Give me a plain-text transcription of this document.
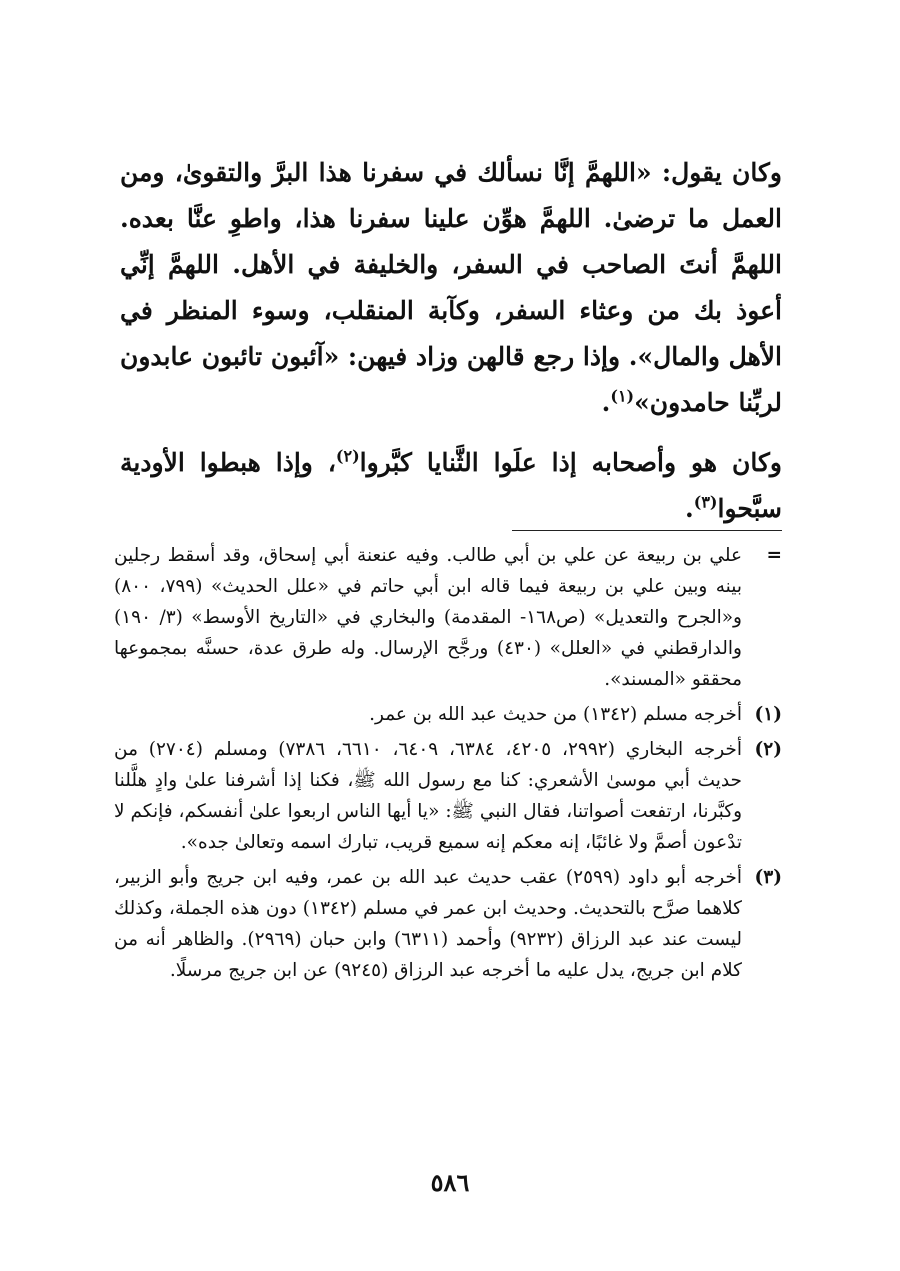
وكان يقول: «اللهمَّ إنَّا نسألك في سفرنا هذا البرَّ والتقوىٰ، ومن العمل ما ترضىٰ. اللهمَّ هوِّن علينا سفرنا هذا، واطوِ عنَّا بعده. اللهمَّ أنتَ الصاحب في السفر، والخليفة في الأهل. اللهمَّ إنِّي أعوذ بك من وعثاء السفر، وكآبة المنقلب، وسوء المنظر في الأهل والمال». وإذا رجع قالهن وزاد فيهن: «آئبون تائبون عابدون لربِّنا حامدون»$^{(١)}$.

وكان هو وأصحابه إذا علَوا الثَّنايا كبَّروا$^{(٢)}$، وإذا هبطوا الأودية سبَّحوا$^{(٣)}$.

=
علي بن ربيعة عن علي بن أبي طالب. وفيه عنعنة أبي إسحاق، وقد أسقط رجلين بينه وبين علي بن ربيعة فيما قاله ابن أبي حاتم في «علل الحديث» (٧٩٩، ٨٠٠) و«الجرح والتعديل» (ص١٦٨- المقدمة) والبخاري في «التاريخ الأوسط» (٣/ ١٩٠) والدارقطني في «العلل» (٤٣٠) ورجَّح الإرسال. وله طرق عدة، حسنَّه بمجموعها محققو «المسند».
(١)
أخرجه مسلم (١٣٤٢) من حديث عبد الله بن عمر.
(٢)
أخرجه البخاري (٢٩٩٢، ٤٢٠٥، ٦٣٨٤، ٦٤٠٩، ٦٦١٠، ٧٣٨٦) ومسلم (٢٧٠٤) من حديث أبي موسىٰ الأشعري: كنا مع رسول الله ﷺ، فكنا إذا أشرفنا علىٰ وادٍ هلَّلنا وكبَّرنا، ارتفعت أصواتنا، فقال النبي ﷺ: «يا أيها الناس اربعوا علىٰ أنفسكم، فإنكم لا تدْعون أصمَّ ولا غائبًا، إنه معكم إنه سميع قريب، تبارك اسمه وتعالىٰ جده».
(٣)
أخرجه أبو داود (٢٥٩٩) عقب حديث عبد الله بن عمر، وفيه ابن جريج وأبو الزبير، كلاهما صرَّح بالتحديث. وحديث ابن عمر في مسلم (١٣٤٢) دون هذه الجملة، وكذلك ليست عند عبد الرزاق (٩٢٣٢) وأحمد (٦٣١١) وابن حبان (٢٩٦٩). والظاهر أنه من كلام ابن جريج، يدل عليه ما أخرجه عبد الرزاق (٩٢٤٥) عن ابن جريج مرسلًا.
٥٨٦
